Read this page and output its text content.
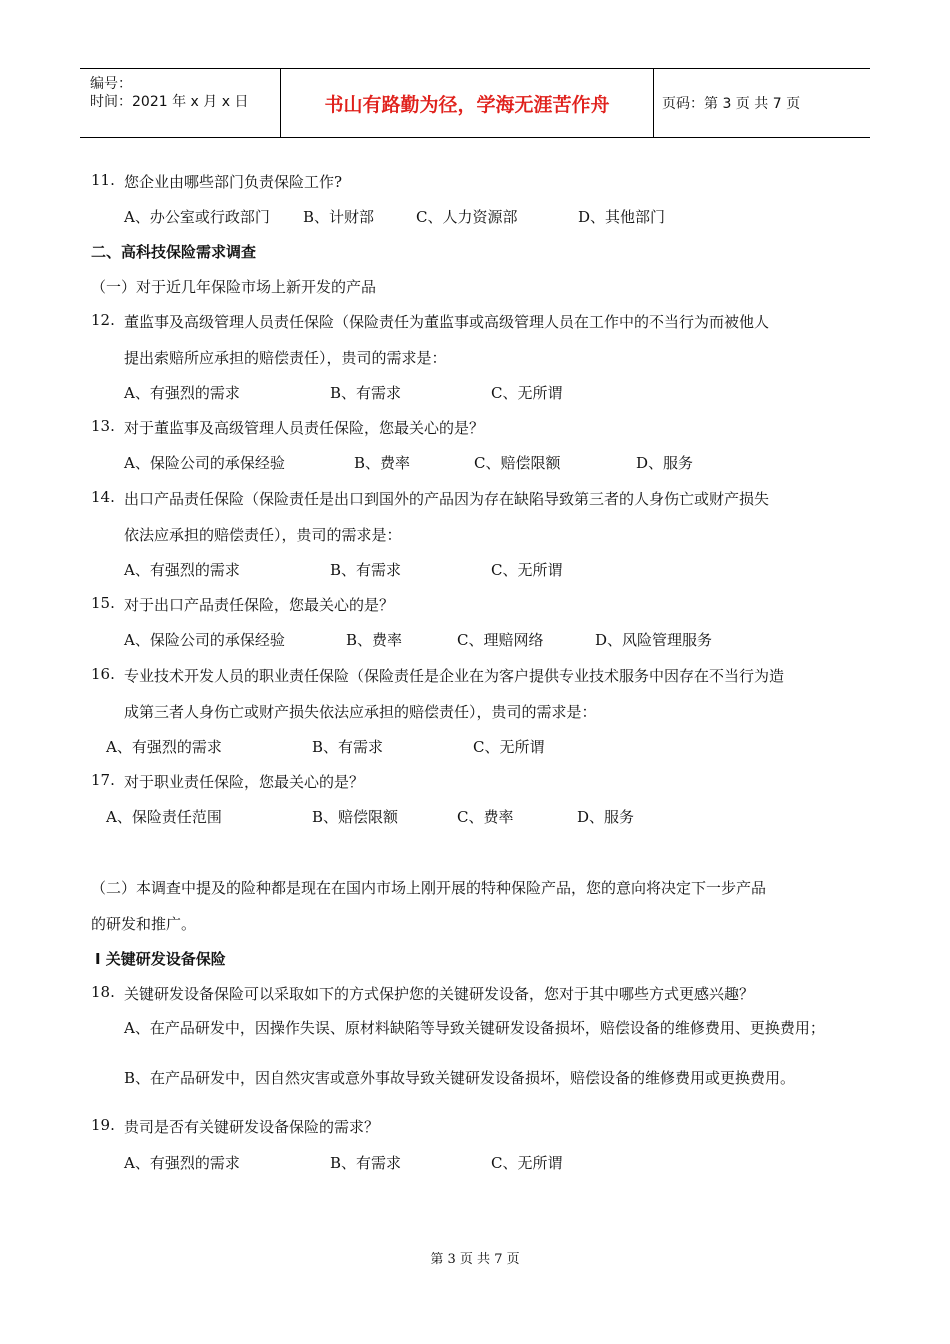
编号：
时间：2021 年 x 月 x 日	书山有路勤为径，学海无涯苦作舟	页码：第 3 页 共 7 页
11. 您企业由哪些部门负责保险工作?
A、办公室或行政部门 B、计财部	C、人力资源部	D、其他部门
二、高科技保险需求调查
（一）对于近几年保险市场上新开发的产品
12. 董监事及高级管理人员责任保险（保险责任为董监事或高级管理人员在工作中的不当行为而被他人
提出索赔所应承担的赔偿责任），贵司的需求是：
A、有强烈的需求	B、有需求	C、无所谓
13. 对于董监事及高级管理人员责任保险，您最关心的是？
A、保险公司的承保经验	B、费率	C、赔偿限额	D、服务
14. 出口产品责任保险（保险责任是出口到国外的产品因为存在缺陷导致第三者的人身伤亡或财产损失
依法应承担的赔偿责任），贵司的需求是：
A、有强烈的需求	B、有需求	C、无所谓
15. 对于出口产品责任保险，您最关心的是？
A、保险公司的承保经验	B、费率	C、理赔网络	D、风险管理服务
16. 专业技术开发人员的职业责任保险（保险责任是企业在为客户提供专业技术服务中因存在不当行为造
成第三者人身伤亡或财产损失依法应承担的赔偿责任），贵司的需求是：
A、有强烈的需求	B、有需求	C、无所谓
17. 对于职业责任保险，您最关心的是？
A、保险责任范围	B、赔偿限额	C、费率	D、服务
（二）本调查中提及的险种都是现在在国内市场上刚开展的特种保险产品，您的意向将决定下一步产品
的研发和推广。
Ⅰ 关键研发设备保险
18. 关键研发设备保险可以采取如下的方式保护您的关键研发设备，您对于其中哪些方式更感兴趣？
A、在产品研发中，因操作失误、原材料缺陷等导致关键研发设备损坏，赔偿设备的维修费用、更换费用；
B、在产品研发中，因自然灾害或意外事故导致关键研发设备损坏，赔偿设备的维修费用或更换费用。
19. 贵司是否有关键研发设备保险的需求？
A、有强烈的需求	B、有需求	C、无所谓
第 3 页 共 7 页
